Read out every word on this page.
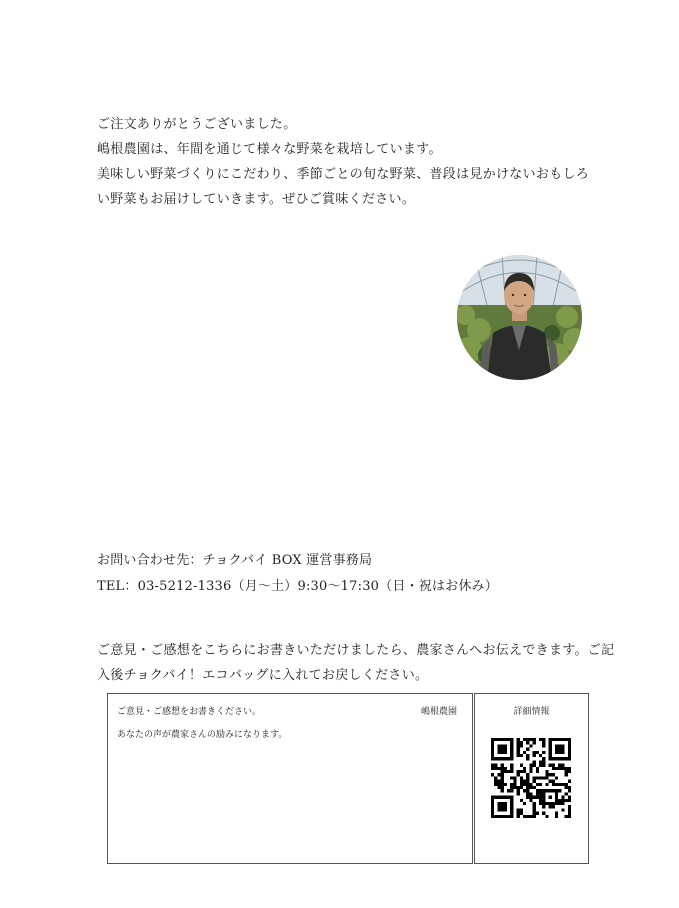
ご注文ありがとうございました。

嶋根農園は、年間を通じて様々な野菜を栽培しています。

美味しい野菜づくりにこだわり、季節ごとの旬な野菜、普段は見かけないおもしろい野菜もお届けしていきます。ぜひご賞味ください。

お問い合わせ先：チョクバイ BOX 運営事務局

TEL：03-5212-1336（月～土）9:30～17:30（日・祝はお休み）

ご意見・ご感想をこちらにお書きいただけましたら、農家さんへお伝えできます。ご記入後チョクバイ！エコバッグに入れてお戻しください。

ご意見・ご感想をお書きください。	嶋根農園
あなたの声が農家さんの励みになります。
詳細情報
